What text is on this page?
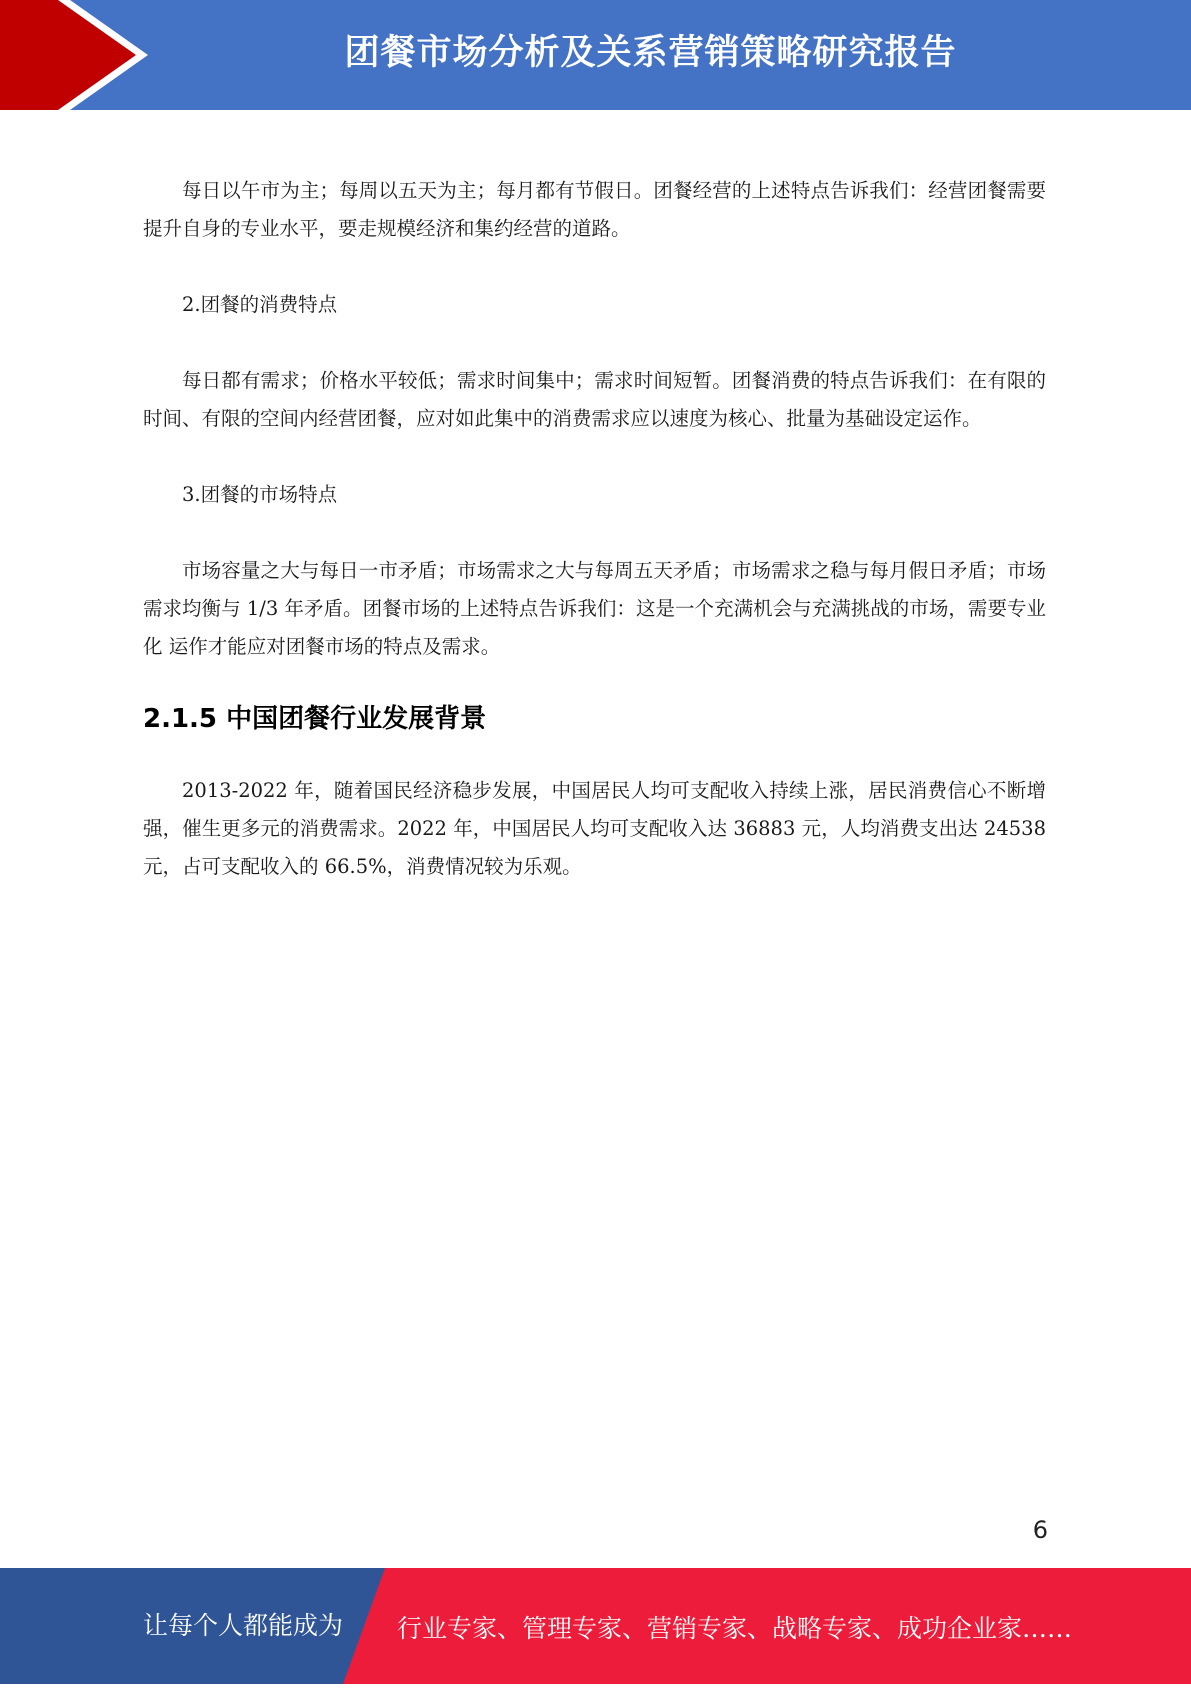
团餐市场分析及关系营销策略研究报告

每日以午市为主；每周以五天为主；每月都有节假日。团餐经营的上述特点告诉我们：经营团餐需要提升自身的专业水平，要走规模经济和集约经营的道路。

2.团餐的消费特点

每日都有需求；价格水平较低；需求时间集中；需求时间短暂。团餐消费的特点告诉我们：在有限的时间、有限的空间内经营团餐，应对如此集中的消费需求应以速度为核心、批量为基础设定运作。

3.团餐的市场特点

市场容量之大与每日一市矛盾；市场需求之大与每周五天矛盾；市场需求之稳与每月假日矛盾；市场需求均衡与 1/3 年矛盾。团餐市场的上述特点告诉我们：这是一个充满机会与充满挑战的市场，需要专业化 运作才能应对团餐市场的特点及需求。

2.1.5 中国团餐行业发展背景

2013-2022 年，随着国民经济稳步发展，中国居民人均可支配收入持续上涨，居民消费信心不断增强，催生更多元的消费需求。2022 年，中国居民人均可支配收入达 36883 元，人均消费支出达 24538 元，占可支配收入的 66.5%，消费情况较为乐观。

6
让每个人都能成为 行业专家、管理专家、营销专家、战略专家、成功企业家……
